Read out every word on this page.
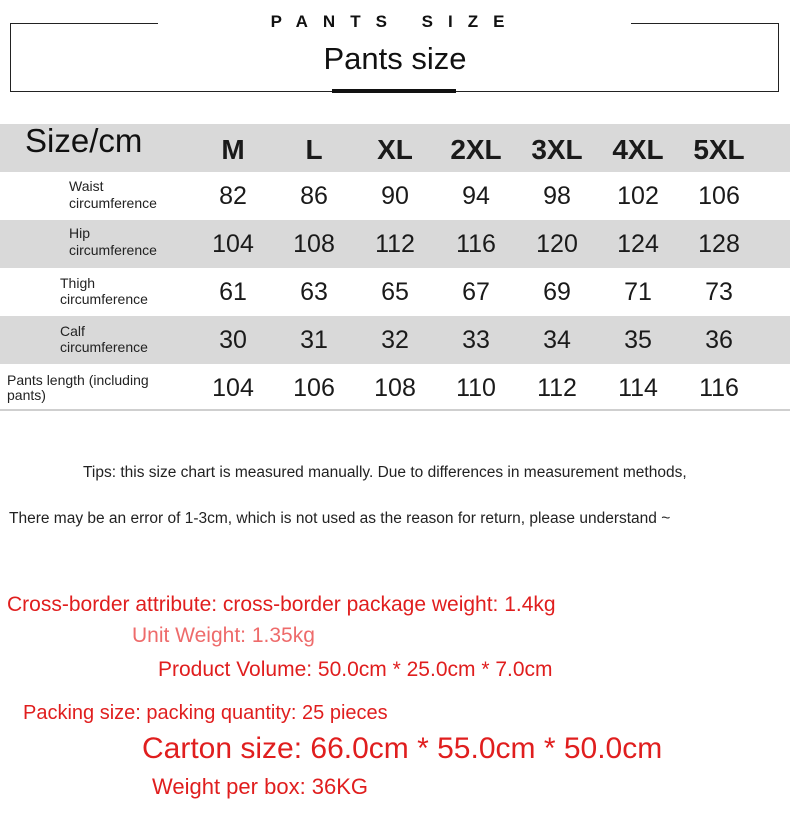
PANTS SIZE
Pants size
Size/cm	M	L	XL	2XL	3XL	4XL	5XL
Waist
circumference	82	86	90	94	98	102	106
Hip
circumference	104	108	112	116	120	124	128
Thigh
circumference	61	63	65	67	69	71	73
Calf
circumference	30	31	32	33	34	35	36
Pants length (including
pants)	104	106	108	110	112	114	116
Tips: this size chart is measured manually. Due to differences in measurement methods,
There may be an error of 1-3cm, which is not used as the reason for return, please understand ~
Cross-border attribute: cross-border package weight: 1.4kg
Unit Weight: 1.35kg
Product Volume: 50.0cm * 25.0cm * 7.0cm
Packing size: packing quantity: 25 pieces
Carton size: 66.0cm * 55.0cm * 50.0cm
Weight per box: 36KG
